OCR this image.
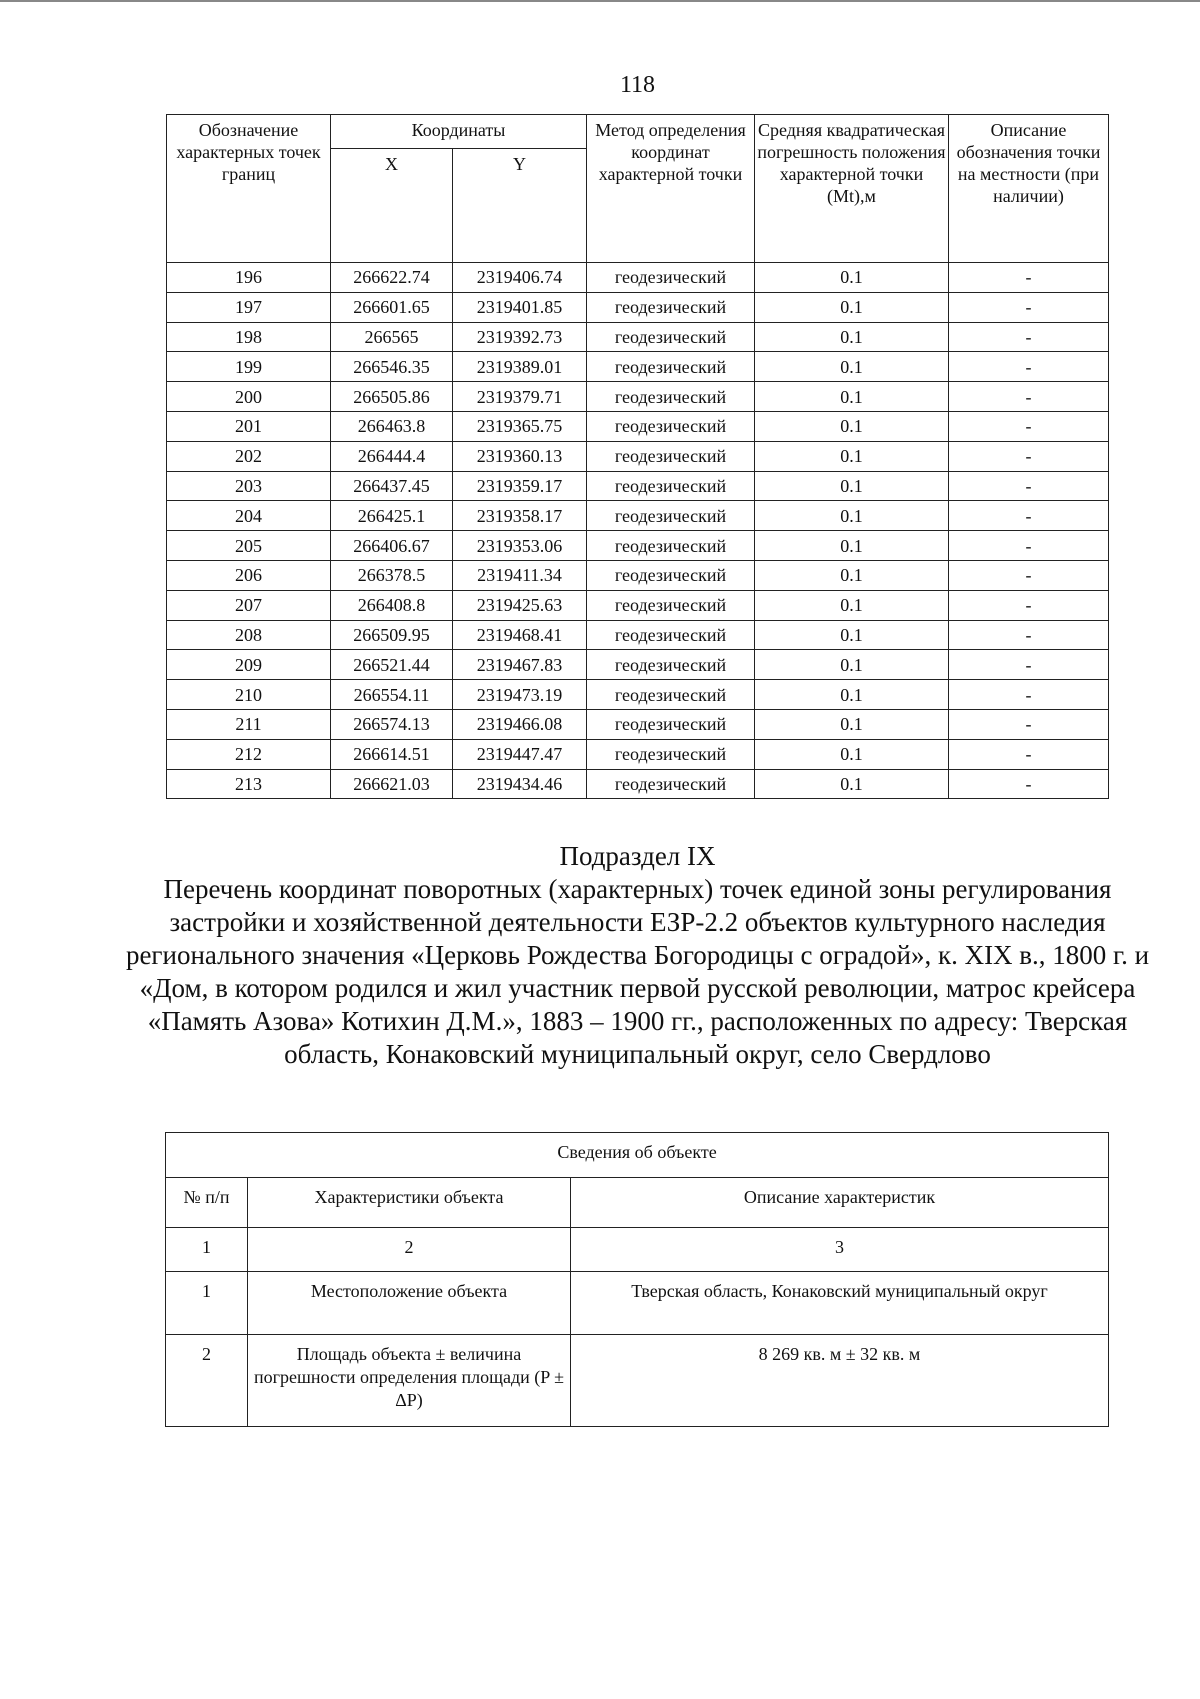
118
Обозначение характерных точек границ	Координаты		Метод определения координат характерной точки	Средняя квадратическая погрешность положения характерной точки (Mt),м	Описание обозначения точки на местности (при наличии)
	X	Y			
196	266622.74	2319406.74	геодезический	0.1	-
197	266601.65	2319401.85	геодезический	0.1	-
198	266565	2319392.73	геодезический	0.1	-
199	266546.35	2319389.01	геодезический	0.1	-
200	266505.86	2319379.71	геодезический	0.1	-
201	266463.8	2319365.75	геодезический	0.1	-
202	266444.4	2319360.13	геодезический	0.1	-
203	266437.45	2319359.17	геодезический	0.1	-
204	266425.1	2319358.17	геодезический	0.1	-
205	266406.67	2319353.06	геодезический	0.1	-
206	266378.5	2319411.34	геодезический	0.1	-
207	266408.8	2319425.63	геодезический	0.1	-
208	266509.95	2319468.41	геодезический	0.1	-
209	266521.44	2319467.83	геодезический	0.1	-
210	266554.11	2319473.19	геодезический	0.1	-
211	266574.13	2319466.08	геодезический	0.1	-
212	266614.51	2319447.47	геодезический	0.1	-
213	266621.03	2319434.46	геодезический	0.1	-
Подраздел IX
Перечень координат поворотных (характерных) точек единой зоны регулирования застройки и хозяйственной деятельности ЕЗР-2.2 объектов культурного наследия регионального значения «Церковь Рождества Богородицы с оградой», к. XIX в., 1800 г. и «Дом, в котором родился и жил участник первой русской революции, матрос крейсера «Память Азова» Котихин Д.М.», 1883 – 1900 гг., расположенных по адресу: Тверская область, Конаковский муниципальный округ, село Свердлово
Сведения об объекте		
№ п/п	Характеристики объекта	Описание характеристик
1	2	3
1	Местоположение объекта	Тверская область, Конаковский муниципальный округ
2	Площадь объекта ± величина погрешности определения площади (P ± ΔP)	8 269 кв. м ± 32 кв. м
